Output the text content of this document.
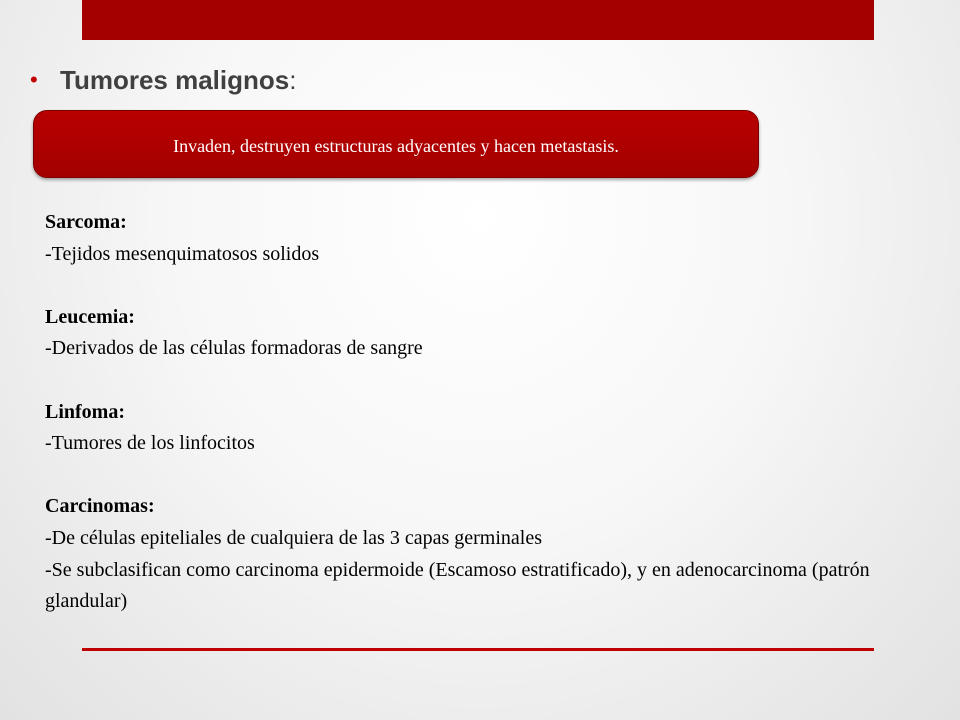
• Tumores malignos :
Invaden, destruyen estructuras adyacentes y hacen metastasis.

Sarcoma:

-Tejidos mesenquimatosos solidos

Leucemia:

-Derivados de las células formadoras de sangre

Linfoma:

-Tumores de los linfocitos

Carcinomas:

-De células epiteliales de cualquiera de las 3 capas germinales

-Se subclasifican como carcinoma epidermoide (Escamoso estratificado), y en adenocarcinoma (patrón glandular)
